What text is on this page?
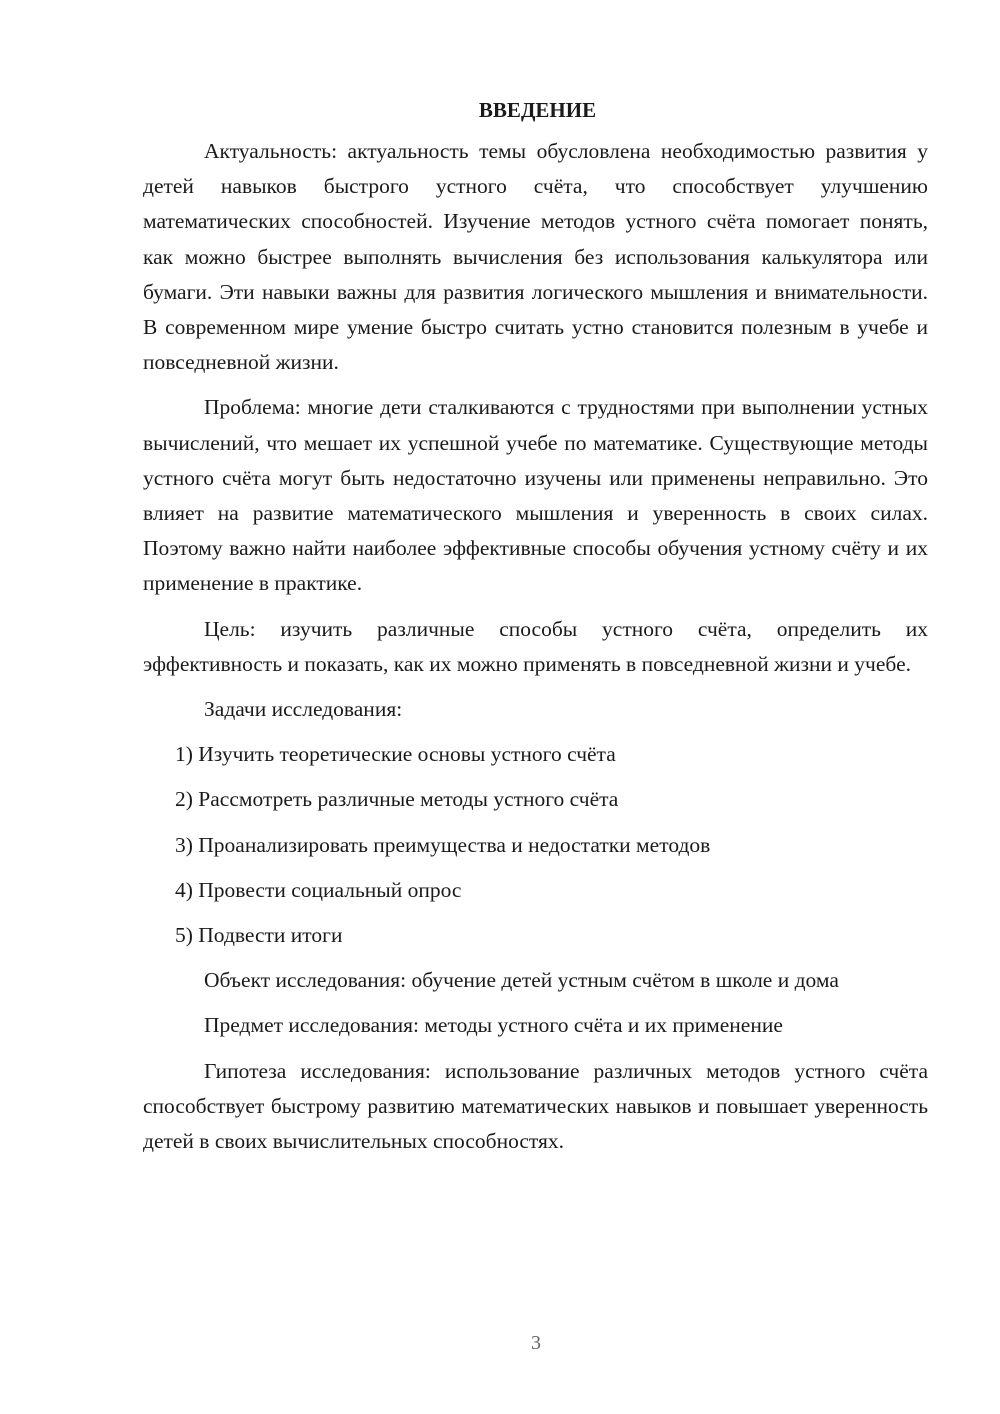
ВВЕДЕНИЕ

Актуальность: актуальность темы обусловлена необходимостью развития у детей навыков быстрого устного счёта, что способствует улучшению математических способностей. Изучение методов устного счёта помогает понять, как можно быстрее выполнять вычисления без использования калькулятора или бумаги. Эти навыки важны для развития логического мышления и внимательности. В современном мире умение быстро считать устно становится полезным в учебе и повседневной жизни.

Проблема: многие дети сталкиваются с трудностями при выполнении устных вычислений, что мешает их успешной учебе по математике. Существующие методы устного счёта могут быть недостаточно изучены или применены неправильно. Это влияет на развитие математического мышления и уверенность в своих силах. Поэтому важно найти наиболее эффективные способы обучения устному счёту и их применение в практике.

Цель: изучить различные способы устного счёта, определить их эффективность и показать, как их можно применять в повседневной жизни и учебе.

Задачи исследования:

1) Изучить теоретические основы устного счёта
2) Рассмотреть различные методы устного счёта
3) Проанализировать преимущества и недостатки методов
4) Провести социальный опрос
5) Подвести итоги

Объект исследования: обучение детей устным счётом в школе и дома

Предмет исследования: методы устного счёта и их применение

Гипотеза исследования: использование различных методов устного счёта способствует быстрому развитию математических навыков и повышает уверенность детей в своих вычислительных способностях.

3
